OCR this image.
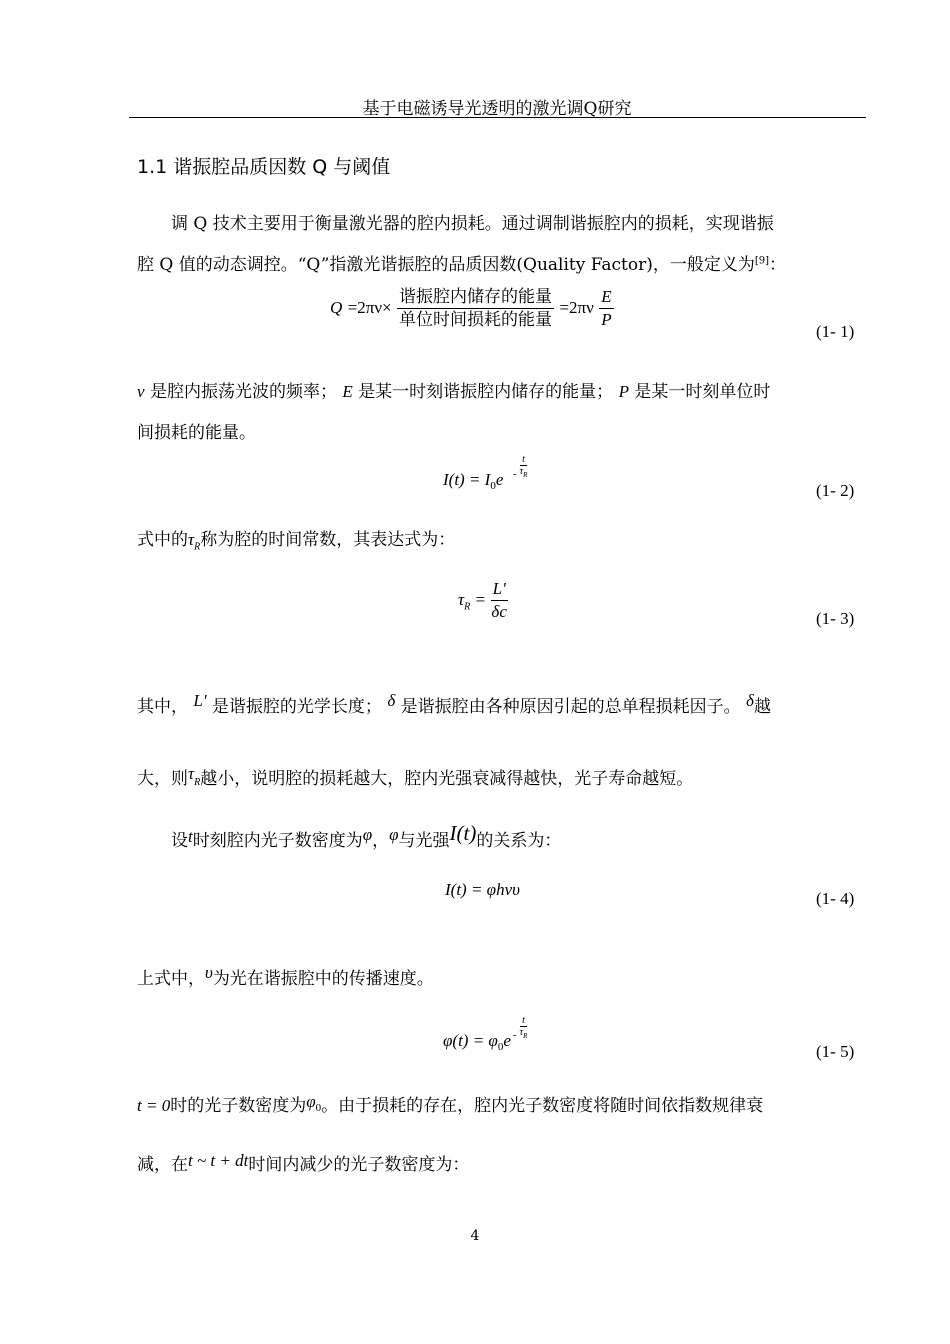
基于电磁诱导光透明的激光调Q研究
1.1 谐振腔品质因数 Q 与阈值
调 Q 技术主要用于衡量激光器的腔内损耗。通过调制谐振腔内的损耗，实现谐振
腔 Q 值的动态调控。“Q”指激光谐振腔的品质因数(Quality Factor)，一般定义为[9]：
$Q =2\pi\nu\times \frac{\text{谐振腔内储存的能量}}{\text{单位时间损耗的能量}} =2\pi\nu \frac{E}{P}$
(1- 1)
ν 是腔内振荡光波的频率； E 是某一时刻谐振腔内储存的能量； P 是某一时刻单位时
间损耗的能量。
$I(t) = I_0e - \frac{t}{\tau_R}$
(1- 2)
式中的$\tau_R$称为腔的时间常数，其表达式为：
$\tau_R = \frac{L'}{\delta c}$	(1- 3)
其中， L' 是谐振腔的光学长度； δ 是谐振腔由各种原因引起的总单程损耗因子。 δ越
大，则$\tau_R$越小，说明腔的损耗越大，腔内光强衰减得越快，光子寿命越短。
设t时刻腔内光子数密度为φ，φ与光强I(t)的关系为：
I(t) = φhνυ	(1- 4)
上式中，υ为光在谐振腔中的传播速度。
$\varphi(t) = \varphi_0e - \frac{t}{\tau_R}$
(1- 5)
t = 0时的光子数密度为$\varphi_0$。由于损耗的存在，腔内光子数密度将随时间依指数规律衰
减，在t ~ t + dt时间内减少的光子数密度为：
4
